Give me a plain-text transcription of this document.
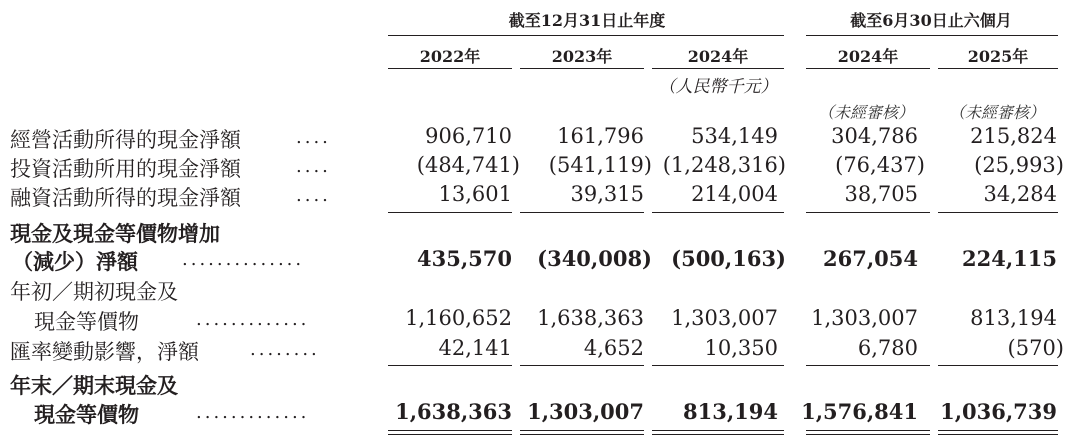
截至12月31日止年度	截至6月30日止六個月
2022年	2023年	2024年	2024年	2025年
（人民幣千元）
（未經審核）	（未經審核）
經營活動所得的現金淨額	....	906,710	161,796	534,149	304,786	215,824
投資活動所用的現金淨額	....	(484,741)	(541,119) (1,248,316)	(76,437)	(25,993)
融資活動所得的現金淨額	....	13,601	39,315	214,004	38,705	34,284
現金及現金等價物增加
（減少）淨額 ..............	435,570	(340,008) (500,163)	267,054	224,115
年初／期初現金及
現金等價物	.............	1,160,652	1,638,363	1,303,007	1,303,007	813,194
匯率變動影響，淨額	........	42,141	4,652	10,350	6,780	(570)
年末／期末現金及
現金等價物	.............	1,638,363 1,303,007	813,194	1,576,841	1,036,739
